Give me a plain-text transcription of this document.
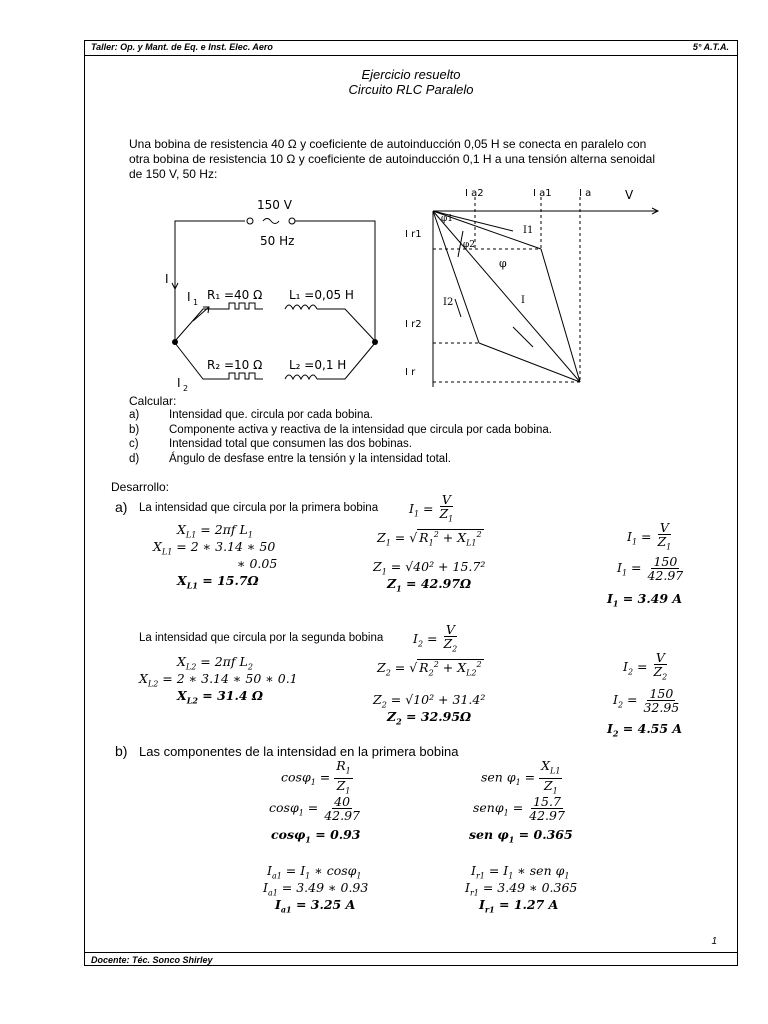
Taller: Op. y Mant. de Eq. e Inst. Elec. Aero	5° A.T.A.
Ejercicio resuelto
Circuito RLC Paralelo
Una bobina de resistencia 40 Ω y coeficiente de autoinducción 0,05 H se conecta en paralelo con
otra bobina de resistencia 10 Ω y coeficiente de autoinducción 0,1 H a una tensión alterna senoidal
de 150 V, 50 Hz:
150 V
50 Hz
I
I 1
R₁ =40 Ω L₁ =0,05 H
R₂ =10 Ω L₂ =0,1 H
I 2
I a2	I a1	I a	V
I r1
I r2
I r
φ1
φ2
φ
I1
I2	I
Calcular:
a)	Intensidad que. circula por cada bobina.
b)	Componente activa y reactiva de la intensidad que circula por cada bobina.
c)	Intensidad total que consumen las dos bobinas.
d)	Ángulo de desfase entre la tensión y la intensidad total.
Desarrollo:
a) La intensidad que circula por la primera bobina $I_1 = \frac{V}{Z_1}$
$X_{L1} = 2\pi f$ $L_1$
$X_{L1} = 2$ ∗ 3.14 ∗ 50
∗ 0.05
$X_{L1} = 15.7\Omega$
$Z_1$ = √ $R_1^2 + X_{L1}^2$
$Z_1 = √40^2 + 15.7^2$
$Z_1 = 42.97\Omega$
$I_1 = \frac{V}{Z_1}$
$I_1 = \frac{150}{42.97}$
$I_1 = 3.49$ A
La intensidad que circula por la segunda bobina $I_2 = \frac{V}{Z_2}$
$X_{L2} = 2\pi f$ $L_2$
$X_{L2} = 2$ ∗ 3.14 ∗ 50 ∗ 0.1
$X_{L2} = 31.4$ Ω
$Z_2$ = √ $R_2^2 + X_{L2}^2$
$Z_2 = √10^2 + 31.4^2$
$Z_2 = 32.95\Omega$
$I_2 = \frac{V}{Z_2}$
$I_2 = \frac{150}{32.95}$
$I_2 = 4.55$ A
b) Las componentes de la intensidad en la primera bobina
$\cos\varphi_1 = \frac{R_1}{Z_1}$
$\cos\varphi_1 = \frac{40}{42.97}$
cosφ$_1$ = 0.93
sen $\varphi_1 = \frac{X_{L1}}{Z_1}$
$sen\varphi_1 = \frac{15.7}{42.97}$
sen $\varphi_1 = 0.365$
$I_{a1} = I_1$ ∗ cosφ$_1$
$I_{a1} = 3.49$ ∗ 0.93
$I_{a1} = 3.25$ A
$I_{r1} = I_1$ ∗ sen $\varphi_1$
$I_{r1} = 3.49$ ∗ 0.365
$I_{r1} = 1.27$ A
1
Docente: Téc. Sonco Shirley
